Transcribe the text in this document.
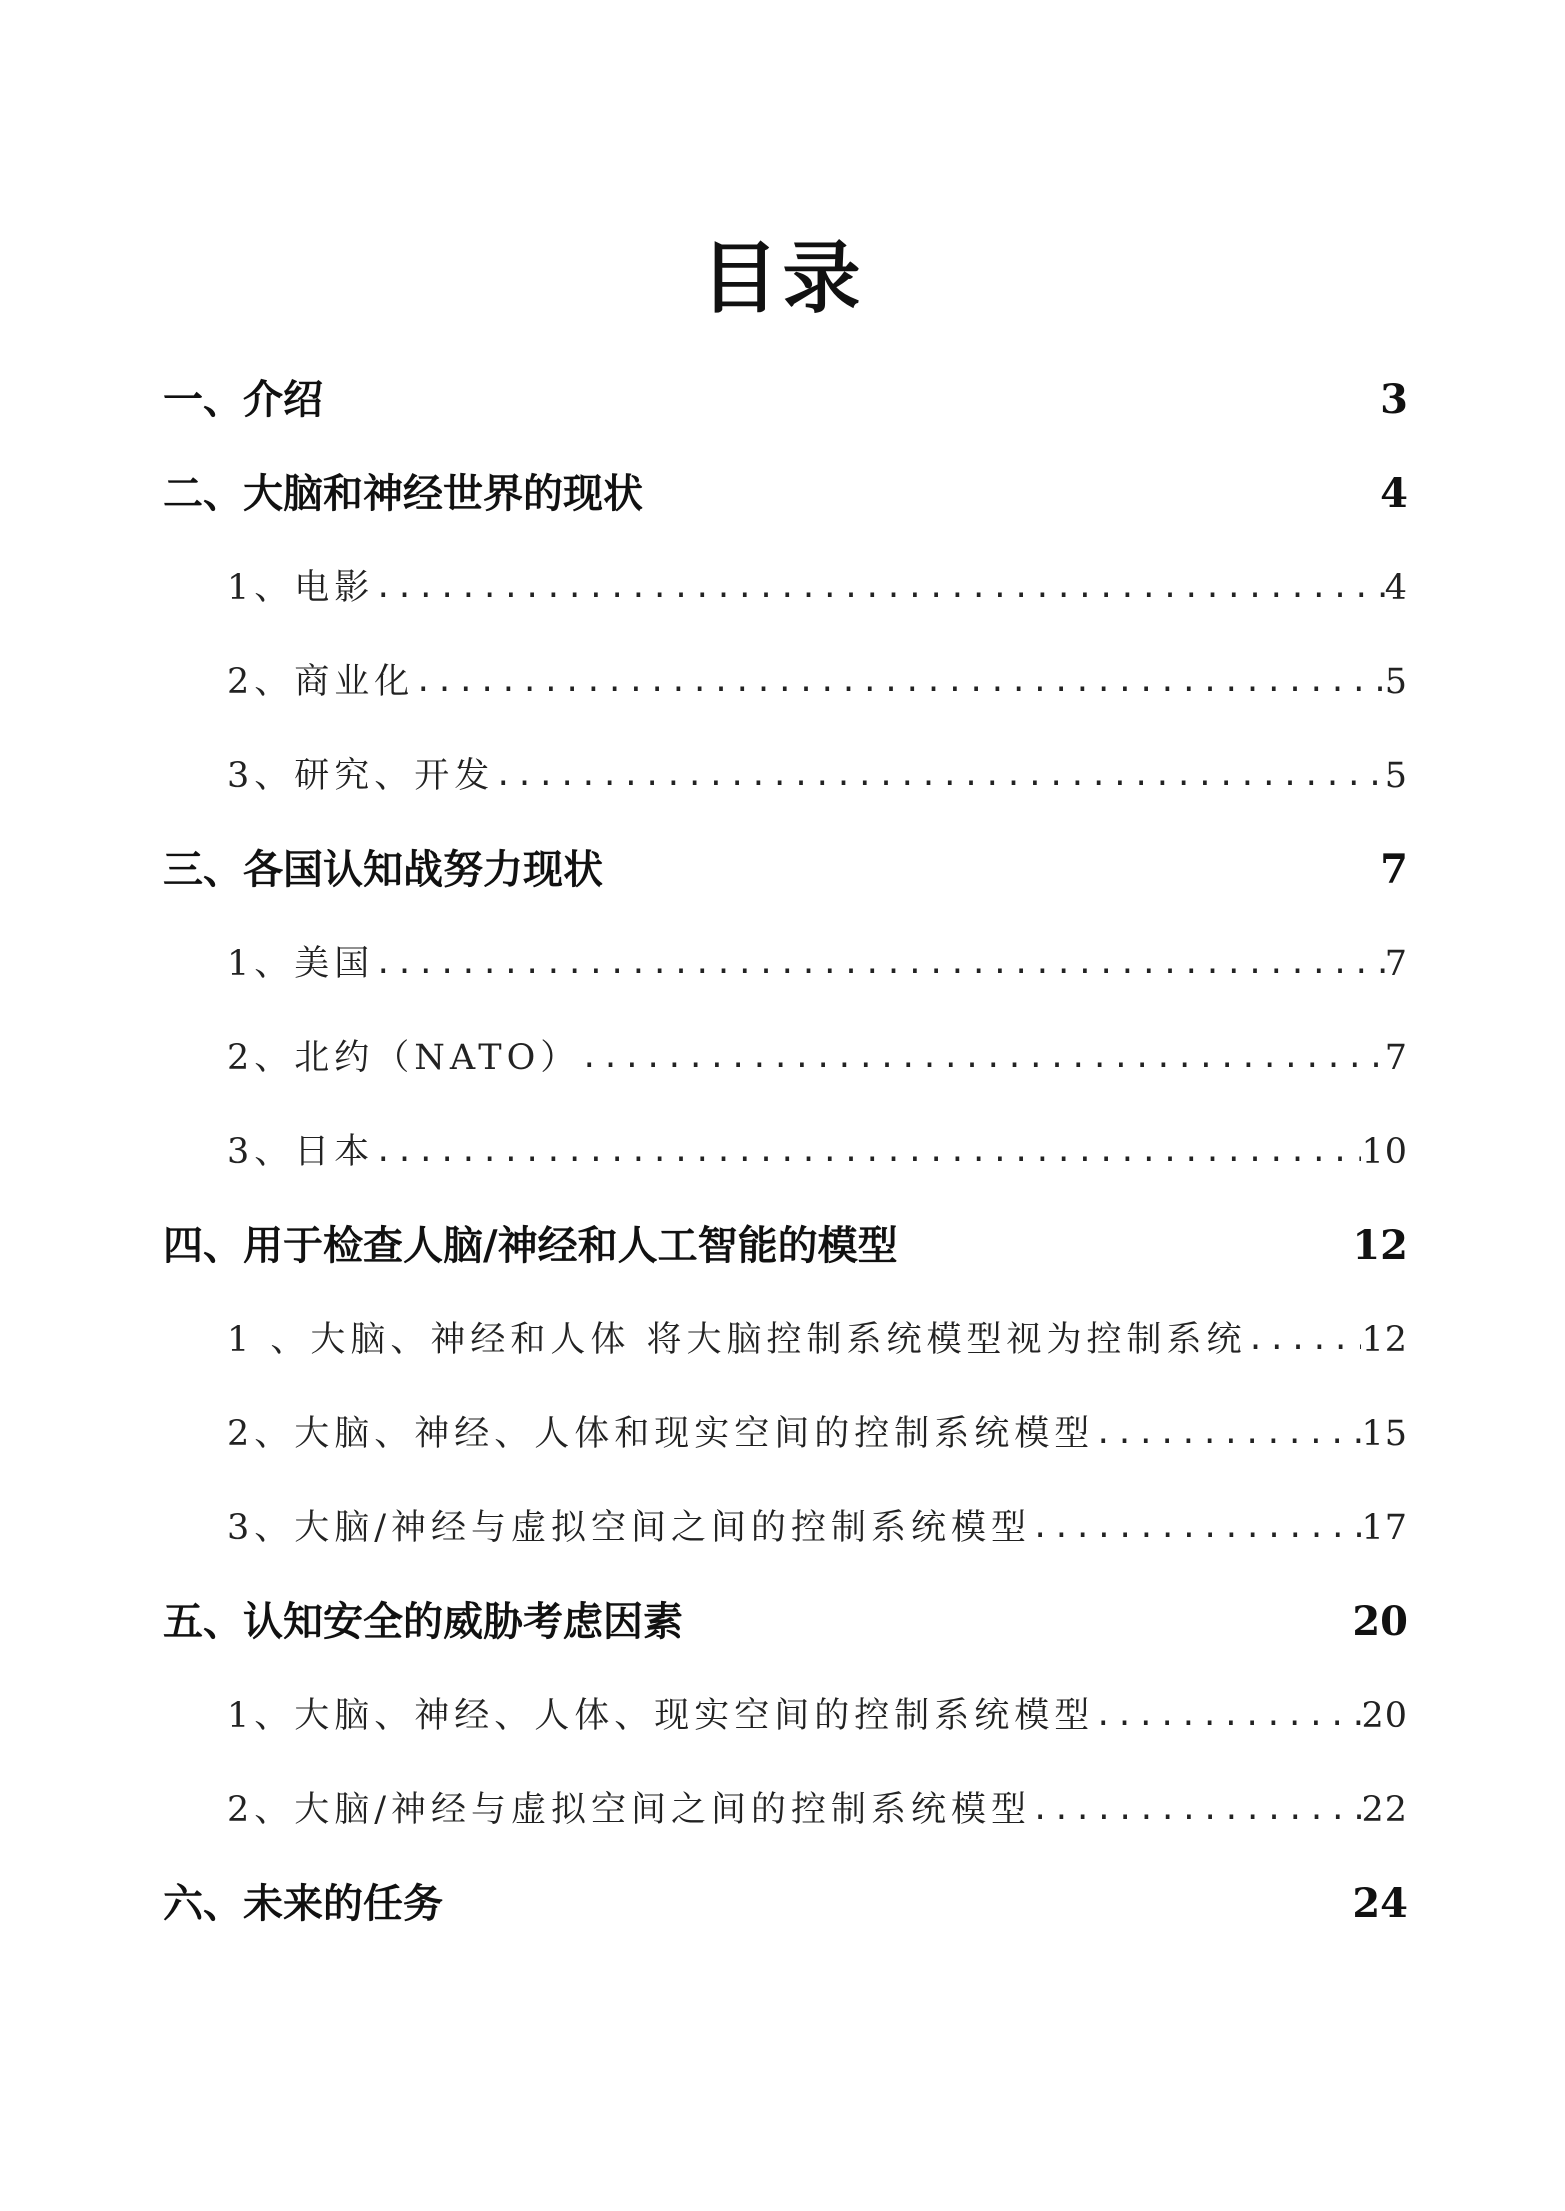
目录
一、介绍	3
二、大脑和神经世界的现状	4
1、电影 .....	4
2、商业化 .....	5
3、研究、开发 .....	5
三、各国认知战努力现状	7
1、美国 .....	7
2、北约（NATO） .....	7
3、日本 .....	10
四、用于检查人脑/神经和人工智能的模型	12
1 、大脑、神经和人体 将大脑控制系统模型视为控制系统 .....	12
2、大脑、神经、人体和现实空间的控制系统模型 .....	15
3、大脑/神经与虚拟空间之间的控制系统模型 .....	17
五、认知安全的威胁考虑因素	20
1、大脑、神经、人体、现实空间的控制系统模型 .....	20
2、大脑/神经与虚拟空间之间的控制系统模型 .....	22
六、未来的任务	24
